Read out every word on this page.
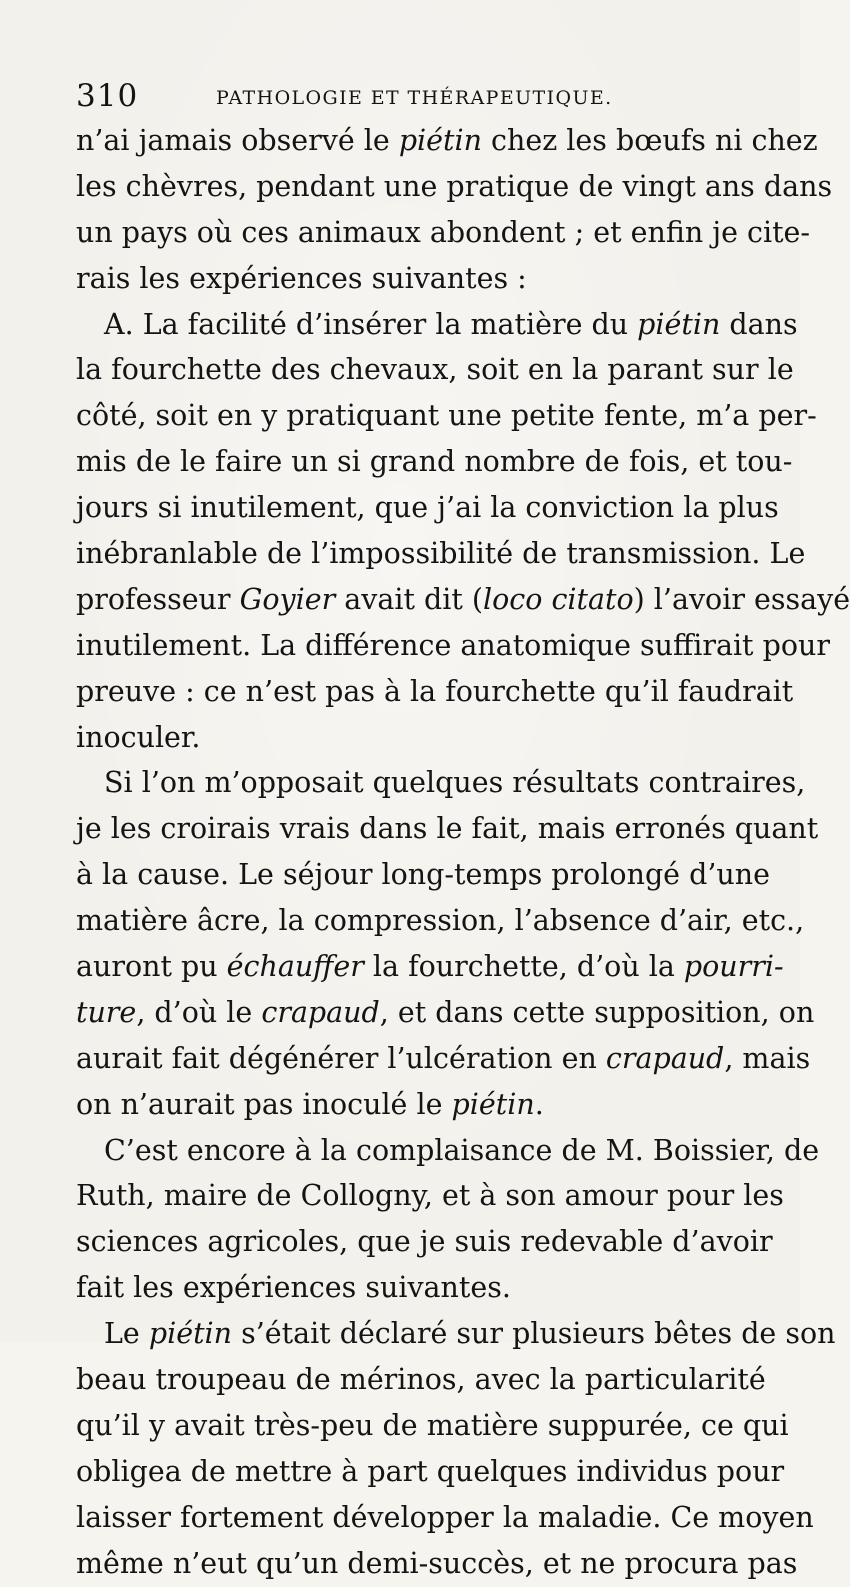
310	PATHOLOGIE ET THÉRAPEUTIQUE.
n’ai jamais observé le piétin chez les bœufs ni chez
les chèvres, pendant une pratique de vingt ans dans
un pays où ces animaux abondent ; et enfin je cite-
rais les expériences suivantes :
A. La facilité d’insérer la matière du piétin dans
la fourchette des chevaux, soit en la parant sur le
côté, soit en y pratiquant une petite fente, m’a per-
mis de le faire un si grand nombre de fois, et tou-
jours si inutilement, que j’ai la conviction la plus
inébranlable de l’impossibilité de transmission. Le
professeur Goyier avait dit (loco citato) l’avoir essayé
inutilement. La différence anatomique suffirait pour
preuve : ce n’est pas à la fourchette qu’il faudrait
inoculer.
Si l’on m’opposait quelques résultats contraires,
je les croirais vrais dans le fait, mais erronés quant
à la cause. Le séjour long-temps prolongé d’une
matière âcre, la compression, l’absence d’air, etc.,
auront pu échauffer la fourchette, d’où la pourri-
ture, d’où le crapaud, et dans cette supposition, on
aurait fait dégénérer l’ulcération en crapaud, mais
on n’aurait pas inoculé le piétin.
C’est encore à la complaisance de M. Boissier, de
Ruth, maire de Collogny, et à son amour pour les
sciences agricoles, que je suis redevable d’avoir
fait les expériences suivantes.
Le piétin s’était déclaré sur plusieurs bêtes de son
beau troupeau de mérinos, avec la particularité
qu’il y avait très-peu de matière suppurée, ce qui
obligea de mettre à part quelques individus pour
laisser fortement développer la maladie. Ce moyen
même n’eut qu’un demi-succès, et ne procura pas
